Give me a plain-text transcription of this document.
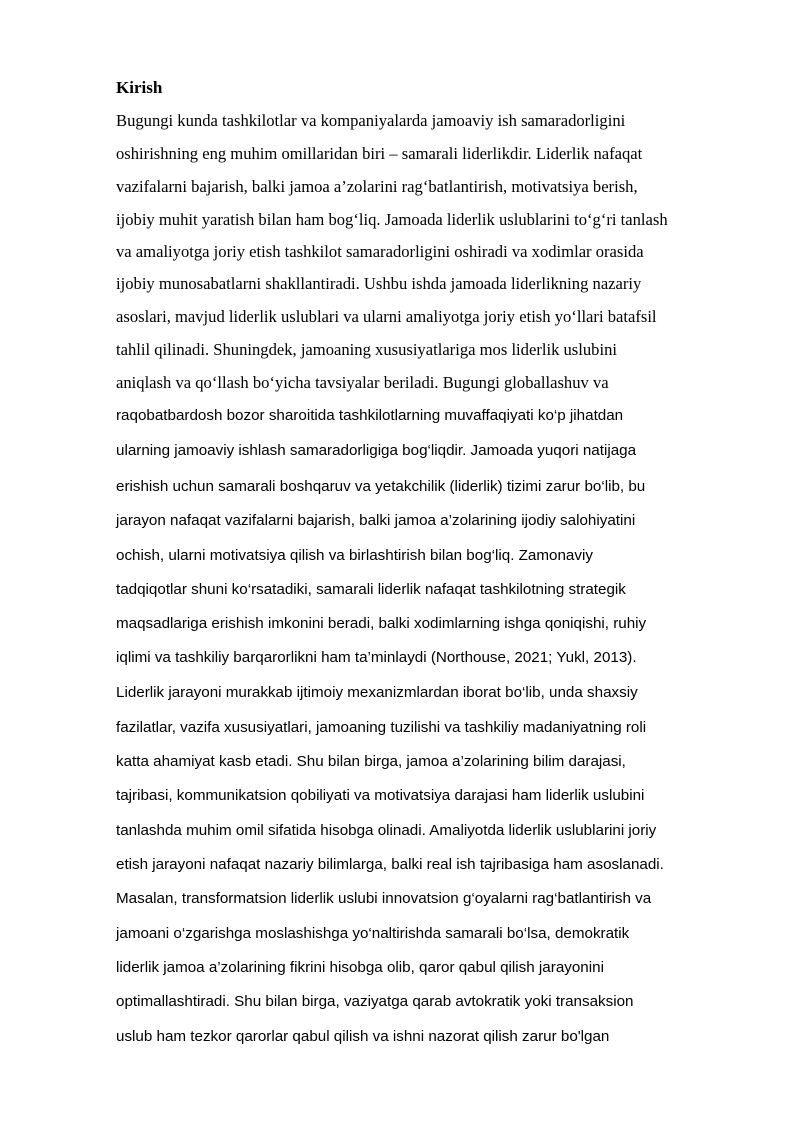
Kirish
Bugungi kunda tashkilotlar va kompaniyalarda jamoaviy ish samaradorligini
oshirishning eng muhim omillaridan biri – samarali liderlikdir. Liderlik nafaqat
vazifalarni bajarish, balki jamoa a’zolarini rag‘batlantirish, motivatsiya berish,
ijobiy muhit yaratish bilan ham bog‘liq. Jamoada liderlik uslublarini to‘g‘ri tanlash
va amaliyotga joriy etish tashkilot samaradorligini oshiradi va xodimlar orasida
ijobiy munosabatlarni shakllantiradi. Ushbu ishda jamoada liderlikning nazariy
asoslari, mavjud liderlik uslublari va ularni amaliyotga joriy etish yo‘llari batafsil
tahlil qilinadi. Shuningdek, jamoaning xususiyatlariga mos liderlik uslubini
aniqlash va qo‘llash bo‘yicha tavsiyalar beriladi. Bugungi globallashuv va
raqobatbardosh bozor sharoitida tashkilotlarning muvaffaqiyati ko‘p jihatdan
ularning jamoaviy ishlash samaradorligiga bog‘liqdir. Jamoada yuqori natijaga
erishish uchun samarali boshqaruv va yetakchilik (liderlik) tizimi zarur bo‘lib, bu
jarayon nafaqat vazifalarni bajarish, balki jamoa a’zolarining ijodiy salohiyatini
ochish, ularni motivatsiya qilish va birlashtirish bilan bog‘liq. Zamonaviy
tadqiqotlar shuni ko‘rsatadiki, samarali liderlik nafaqat tashkilotning strategik
maqsadlariga erishish imkonini beradi, balki xodimlarning ishga qoniqishi, ruhiy
iqlimi va tashkiliy barqarorlikni ham ta’minlaydi (Northouse, 2021; Yukl, 2013).
Liderlik jarayoni murakkab ijtimoiy mexanizmlardan iborat bo‘lib, unda shaxsiy
fazilatlar, vazifa xususiyatlari, jamoaning tuzilishi va tashkiliy madaniyatning roli
katta ahamiyat kasb etadi. Shu bilan birga, jamoa a’zolarining bilim darajasi,
tajribasi, kommunikatsion qobiliyati va motivatsiya darajasi ham liderlik uslubini
tanlashda muhim omil sifatida hisobga olinadi. Amaliyotda liderlik uslublarini joriy
etish jarayoni nafaqat nazariy bilimlarga, balki real ish tajribasiga ham asoslanadi.
Masalan, transformatsion liderlik uslubi innovatsion g‘oyalarni rag‘batlantirish va
jamoani o‘zgarishga moslashishga yo‘naltirishda samarali bo‘lsa, demokratik
liderlik jamoa a’zolarining fikrini hisobga olib, qaror qabul qilish jarayonini
optimallashtiradi. Shu bilan birga, vaziyatga qarab avtokratik yoki transaksion
uslub ham tezkor qarorlar qabul qilish va ishni nazorat qilish zarur bo'lgan
